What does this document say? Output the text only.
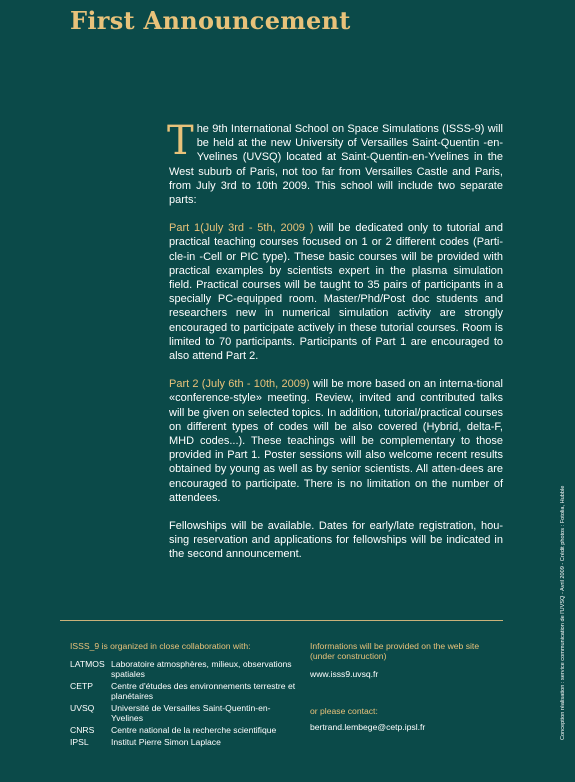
First Announcement

The 9th International School on Space Simulations (ISSS-9) will be held at the new University of Versailles Saint-Quentin -en-Yvelines (UVSQ) located at Saint-Quentin-en-Yvelines in the West suburb of Paris, not too far from Versailles Castle and Paris, from July 3rd to 10th 2009. This school will include two separate parts:

Part 1(July 3rd - 5th, 2009 ) will be dedicated only to tutorial and practical teaching courses focused on 1 or 2 different codes (Parti-cle-in -Cell or PIC type). These basic courses will be provided with practical examples by scientists expert in the plasma simulation field. Practical courses will be taught to 35 pairs of participants in a specially PC-equipped room. Master/Phd/Post doc students and researchers new in numerical simulation activity are strongly encouraged to participate actively in these tutorial courses. Room is limited to 70 participants. Participants of Part 1 are encouraged to also attend Part 2.

Part 2 (July 6th - 10th, 2009) will be more based on an interna-tional «conference-style» meeting. Review, invited and contributed talks will be given on selected topics. In addition, tutorial/practical courses on different types of codes will be also covered (Hybrid, delta-F, MHD codes...). These teachings will be complementary to those provided in Part 1. Poster sessions will also welcome recent results obtained by young as well as by senior scientists. All atten-dees are encouraged to participate. There is no limitation on the number of attendees.

Fellowships will be available. Dates for early/late registration, hou-sing reservation and applications for fellowships will be indicated in the second announcement.

ISSS_9 is organized in close collaboration with:
LATMOS Laboratoire atmosphères, milieux, observations spatiales
CETP	Centre d'études des environnements terrestre et planétaires
UVSQ	Université de Versailles Saint-Quentin-en-Yvelines
CNRS	Centre national de la recherche scientifique
IPSL	Institut Pierre Simon Laplace
Informations will be provided on the web site
(under construction)
www.isss9.uvsq.fr
or please contact:
bertrand.lembege@cetp.ipsl.fr	Conception réalisation : service communication de l'UVSQ - Avril 2009 - Crédit photos : Fotolia, Hubble
